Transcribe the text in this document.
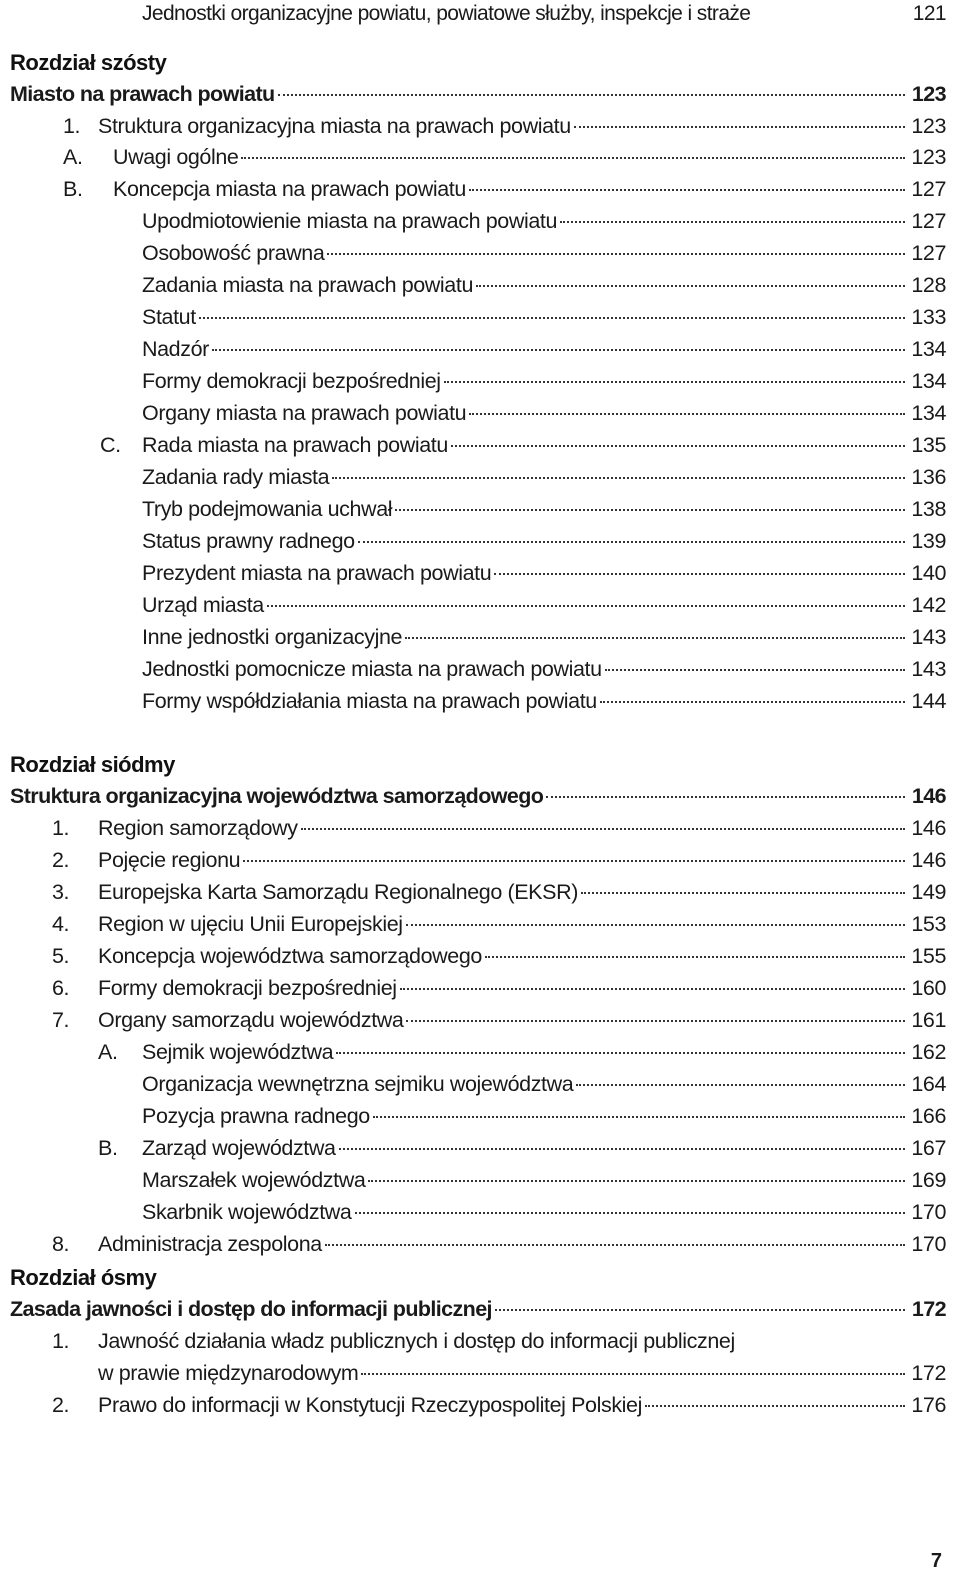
Jednostki organizacyjne powiatu, powiatowe służby, inspekcje i straże	121
Rozdział szósty
Miasto na prawach powiatu	123
1. Struktura organizacyjna miasta na prawach powiatu	123
A. Uwagi ogólne	123
B. Koncepcja miasta na prawach powiatu	127
Upodmiotowienie miasta na prawach powiatu	127
Osobowość prawna	127
Zadania miasta na prawach powiatu	128
Statut	133
Nadzór	134
Formy demokracji bezpośredniej	134
Organy miasta na prawach powiatu	134
C. Rada miasta na prawach powiatu	135
Zadania rady miasta	136
Tryb podejmowania uchwał	138
Status prawny radnego	139
Prezydent miasta na prawach powiatu	140
Urząd miasta	142
Inne jednostki organizacyjne	143
Jednostki pomocnicze miasta na prawach powiatu	143
Formy współdziałania miasta na prawach powiatu	144
Rozdział siódmy
Struktura organizacyjna województwa samorządowego	146
1. Region samorządowy	146
2. Pojęcie regionu	146
3. Europejska Karta Samorządu Regionalnego (EKSR)	149
4. Region w ujęciu Unii Europejskiej	153
5. Koncepcja województwa samorządowego	155
6. Formy demokracji bezpośredniej	160
7. Organy samorządu województwa	161
A. Sejmik województwa	162
Organizacja wewnętrzna sejmiku województwa	164
Pozycja prawna radnego	166
B. Zarząd województwa	167
Marszałek województwa	169
Skarbnik województwa	170
8. Administracja zespolona	170
Rozdział ósmy
Zasada jawności i dostęp do informacji publicznej	172
1. Jawność działania władz publicznych i dostęp do informacji publicznej
w prawie międzynarodowym	172
2. Prawo do informacji w Konstytucji Rzeczypospolitej Polskiej	176
7
